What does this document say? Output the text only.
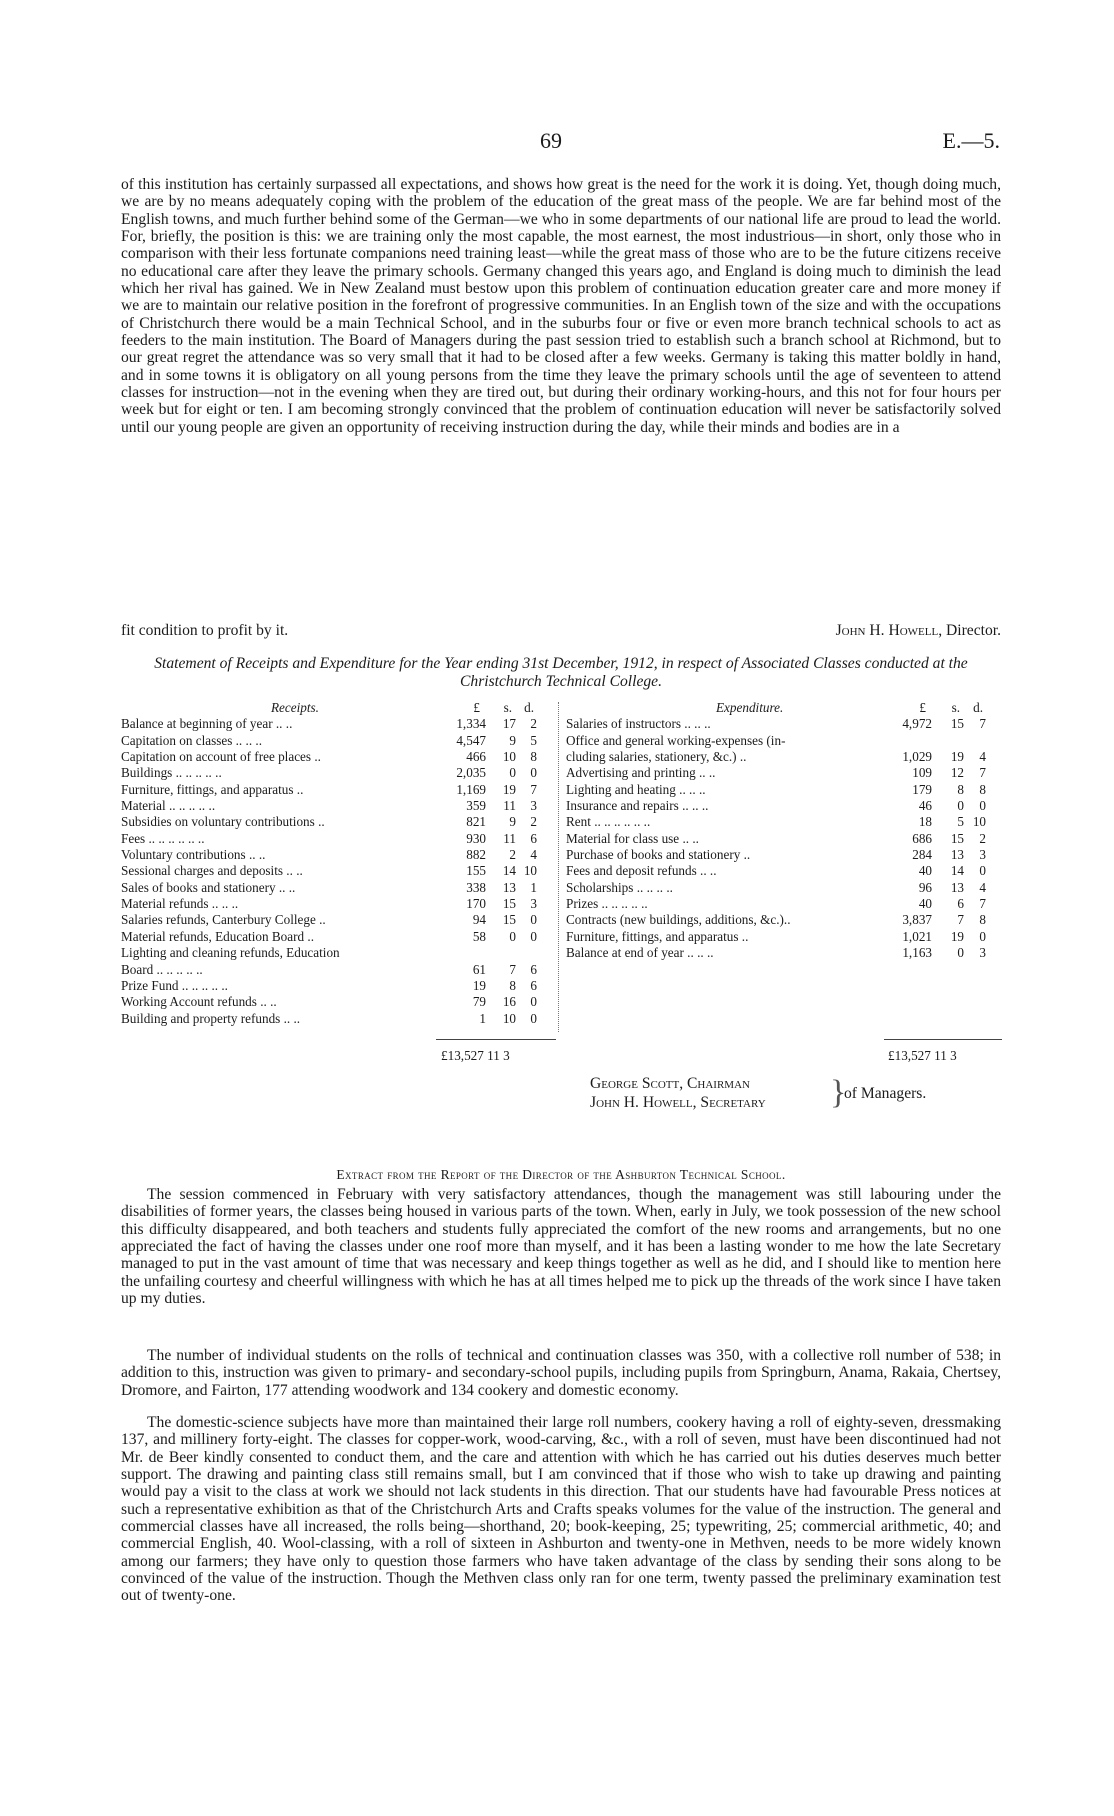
69	E.—5.

of this institution has certainly surpassed all expectations, and shows how great is the need for the work it is doing. Yet, though doing much, we are by no means adequately coping with the problem of the education of the great mass of the people. We are far behind most of the English towns, and much further behind some of the German—we who in some departments of our national life are proud to lead the world. For, briefly, the position is this: we are training only the most capable, the most earnest, the most industrious—in short, only those who in comparison with their less fortunate companions need training least—while the great mass of those who are to be the future citizens receive no educational care after they leave the primary schools. Germany changed this years ago, and England is doing much to diminish the lead which her rival has gained. We in New Zealand must bestow upon this problem of continuation education greater care and more money if we are to maintain our relative position in the forefront of progressive communities. In an English town of the size and with the occupations of Christchurch there would be a main Technical School, and in the suburbs four or five or even more branch technical schools to act as feeders to the main institution. The Board of Managers during the past session tried to establish such a branch school at Richmond, but to our great regret the attendance was so very small that it had to be closed after a few weeks. Germany is taking this matter boldly in hand, and in some towns it is obligatory on all young persons from the time they leave the primary schools until the age of seventeen to attend classes for instruction—not in the evening when they are tired out, but during their ordinary working-hours, and this not for four hours per week but for eight or ten. I am becoming strongly convinced that the problem of continuation education will never be satisfactorily solved until our young people are given an opportunity of receiving instruction during the day, while their minds and bodies are in a

fit condition to profit by it.	John H. Howell, Director.

Statement of Receipts and Expenditure for the Year ending 31st December, 1912, in respect of Associated Classes conducted at the Christchurch Technical College.

Receipts.	£ s. d.
Balance at beginning of year .. ..	1,334	17	2
Capitation on classes .. .. ..	4,547	9	5
Capitation on account of free places ..	466	10	8
Buildings .. .. .. .. ..	2,035	0	0
Furniture, fittings, and apparatus ..	1,169	19	7
Material .. .. .. .. ..	359	11	3
Subsidies on voluntary contributions ..	821	9	2
Fees .. .. .. .. .. ..	930	11	6
Voluntary contributions .. ..	882	2	4
Sessional charges and deposits .. ..	155	14 10
Sales of books and stationery .. ..	338	13	1
Material refunds .. .. ..	170	15	3
Salaries refunds, Canterbury College ..	94	15	0
Material refunds, Education Board ..	58	0	0
Lighting and cleaning refunds, Education
Board .. .. .. .. ..	61	7	6
Prize Fund .. .. .. .. ..	19	8	6
Working Account refunds .. ..	79	16	0
Building and property refunds .. ..	1	10	0
Expenditure.	£ s. d.
Salaries of instructors .. .. ..	4,972	15	7
Office and general working-expenses (in-
cluding salaries, stationery, &c.) ..	1,029	19	4
Advertising and printing .. ..	109	12	7
Lighting and heating .. .. ..	179	8	8
Insurance and repairs .. .. ..	46	0	0
Rent .. .. .. .. .. ..	18	5 10
Material for class use .. ..	686	15	2
Purchase of books and stationery ..	284	13	3
Fees and deposit refunds .. ..	40	14	0
Scholarships .. .. .. ..	96	13	4
Prizes .. .. .. .. ..	40	6	7
Contracts (new buildings, additions, &c.)..	3,837	7	8
Furniture, fittings, and apparatus ..	1,021	19	0
Balance at end of year .. .. ..	1,163	0	3
£13,527 11 3	£13,527 11 3
George Scott, Chairman
John H. Howell, Secretary }
of Managers.
Extract from the Report of the Director of the Ashburton Technical School.

The session commenced in February with very satisfactory attendances, though the management was still labouring under the disabilities of former years, the classes being housed in various parts of the town. When, early in July, we took possession of the new school this difficulty disappeared, and both teachers and students fully appreciated the comfort of the new rooms and arrangements, but no one appreciated the fact of having the classes under one roof more than myself, and it has been a lasting wonder to me how the late Secretary managed to put in the vast amount of time that was necessary and keep things together as well as he did, and I should like to mention here the unfailing courtesy and cheerful willingness with which he has at all times helped me to pick up the threads of the work since I have taken up my duties.

The number of individual students on the rolls of technical and continuation classes was 350, with a collective roll number of 538; in addition to this, instruction was given to primary- and secondary-school pupils, including pupils from Springburn, Anama, Rakaia, Chertsey, Dromore, and Fairton, 177 attending woodwork and 134 cookery and domestic economy.

The domestic-science subjects have more than maintained their large roll numbers, cookery having a roll of eighty-seven, dressmaking 137, and millinery forty-eight. The classes for copper-work, wood-carving, &c., with a roll of seven, must have been discontinued had not Mr. de Beer kindly consented to conduct them, and the care and attention with which he has carried out his duties deserves much better support. The drawing and painting class still remains small, but I am convinced that if those who wish to take up drawing and painting would pay a visit to the class at work we should not lack students in this direction. That our students have had favourable Press notices at such a representative exhibition as that of the Christchurch Arts and Crafts speaks volumes for the value of the instruction. The general and commercial classes have all increased, the rolls being—shorthand, 20; book-keeping, 25; typewriting, 25; commercial arithmetic, 40; and commercial English, 40. Wool-classing, with a roll of sixteen in Ashburton and twenty-one in Methven, needs to be more widely known among our farmers; they have only to question those farmers who have taken advantage of the class by sending their sons along to be convinced of the value of the instruction. Though the Methven class only ran for one term, twenty passed the preliminary examination test out of twenty-one.
